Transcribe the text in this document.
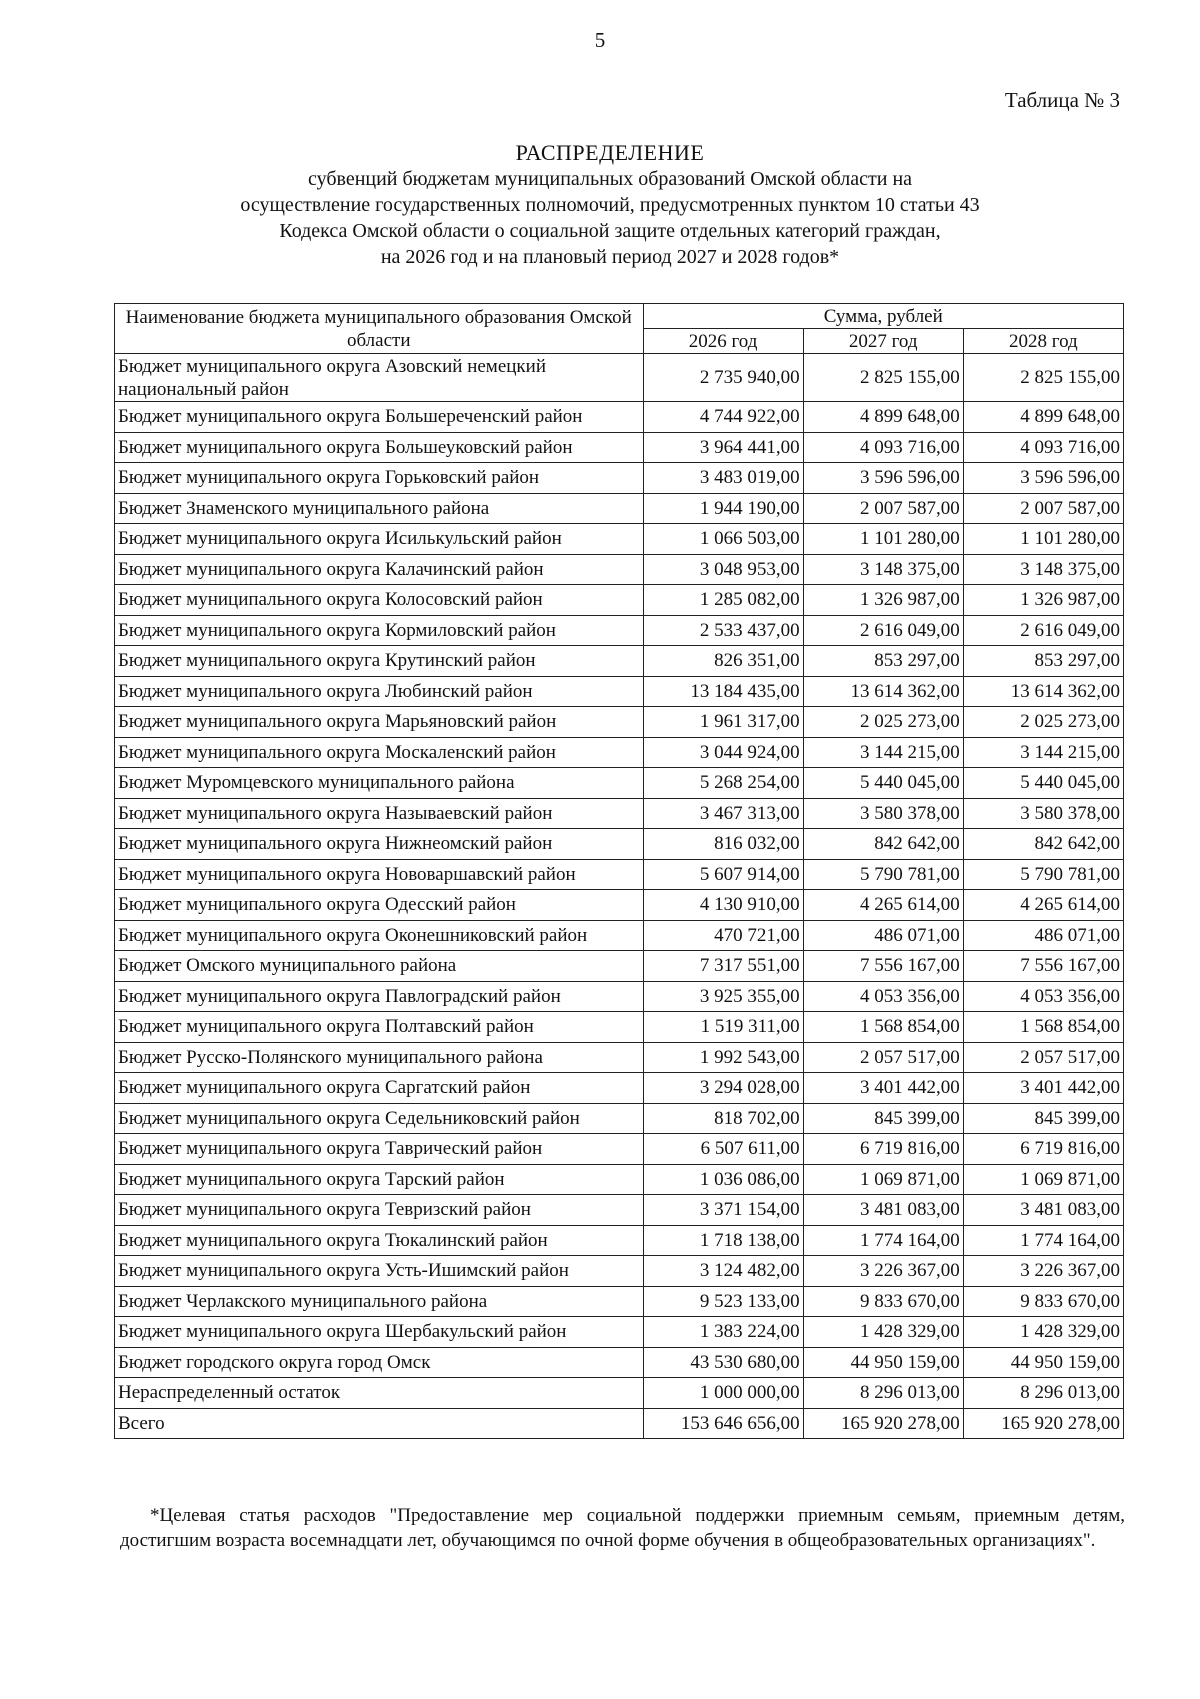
5
Таблица № 3
РАСПРЕДЕЛЕНИЕ
субвенций бюджетам муниципальных образований Омской области на
осуществление государственных полномочий, предусмотренных пунктом 10 статьи 43
Кодекса Омской области о социальной защите отдельных категорий граждан,
на 2026 год и на плановый период 2027 и 2028 годов*
Наименование бюджета муниципального образования Омской области	Сумма, рублей		
	2026 год	2027 год	2028 год
Бюджет муниципального округа Азовский немецкий национальный район	2 735 940,00	2 825 155,00	2 825 155,00
Бюджет муниципального округа Большереченский район	4 744 922,00	4 899 648,00	4 899 648,00
Бюджет муниципального округа Большеуковский район	3 964 441,00	4 093 716,00	4 093 716,00
Бюджет муниципального округа Горьковский район	3 483 019,00	3 596 596,00	3 596 596,00
Бюджет Знаменского муниципального района	1 944 190,00	2 007 587,00	2 007 587,00
Бюджет муниципального округа Исилькульский район	1 066 503,00	1 101 280,00	1 101 280,00
Бюджет муниципального округа Калачинский район	3 048 953,00	3 148 375,00	3 148 375,00
Бюджет муниципального округа Колосовский район	1 285 082,00	1 326 987,00	1 326 987,00
Бюджет муниципального округа Кормиловский район	2 533 437,00	2 616 049,00	2 616 049,00
Бюджет муниципального округа Крутинский район	826 351,00	853 297,00	853 297,00
Бюджет муниципального округа Любинский район	13 184 435,00	13 614 362,00	13 614 362,00
Бюджет муниципального округа Марьяновский район	1 961 317,00	2 025 273,00	2 025 273,00
Бюджет муниципального округа Москаленский район	3 044 924,00	3 144 215,00	3 144 215,00
Бюджет Муромцевского муниципального района	5 268 254,00	5 440 045,00	5 440 045,00
Бюджет муниципального округа Называевский район	3 467 313,00	3 580 378,00	3 580 378,00
Бюджет муниципального округа Нижнеомский район	816 032,00	842 642,00	842 642,00
Бюджет муниципального округа Нововаршавский район	5 607 914,00	5 790 781,00	5 790 781,00
Бюджет муниципального округа Одесский район	4 130 910,00	4 265 614,00	4 265 614,00
Бюджет муниципального округа Оконешниковский район	470 721,00	486 071,00	486 071,00
Бюджет Омского муниципального района	7 317 551,00	7 556 167,00	7 556 167,00
Бюджет муниципального округа Павлоградский район	3 925 355,00	4 053 356,00	4 053 356,00
Бюджет муниципального округа Полтавский район	1 519 311,00	1 568 854,00	1 568 854,00
Бюджет Русско-Полянского муниципального района	1 992 543,00	2 057 517,00	2 057 517,00
Бюджет муниципального округа Саргатский район	3 294 028,00	3 401 442,00	3 401 442,00
Бюджет муниципального округа Седельниковский район	818 702,00	845 399,00	845 399,00
Бюджет муниципального округа Таврический район	6 507 611,00	6 719 816,00	6 719 816,00
Бюджет муниципального округа Тарский район	1 036 086,00	1 069 871,00	1 069 871,00
Бюджет муниципального округа Тевризский район	3 371 154,00	3 481 083,00	3 481 083,00
Бюджет муниципального округа Тюкалинский район	1 718 138,00	1 774 164,00	1 774 164,00
Бюджет муниципального округа Усть-Ишимский район	3 124 482,00	3 226 367,00	3 226 367,00
Бюджет Черлакского муниципального района	9 523 133,00	9 833 670,00	9 833 670,00
Бюджет муниципального округа Шербакульский район	1 383 224,00	1 428 329,00	1 428 329,00
Бюджет городского округа город Омск	43 530 680,00	44 950 159,00	44 950 159,00
Нераспределенный остаток	1 000 000,00	8 296 013,00	8 296 013,00
Всего	153 646 656,00	165 920 278,00	165 920 278,00
*Целевая статья расходов "Предоставление мер социальной поддержки приемным семьям, приемным детям, достигшим возраста восемнадцати лет, обучающимся по очной форме обучения в общеобразовательных организациях".
